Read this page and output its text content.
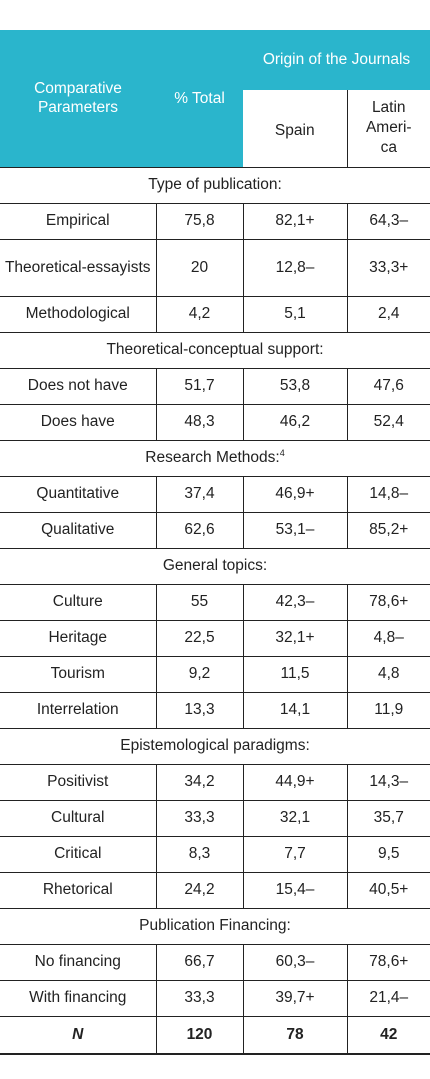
Comparative Parameters	% Total	Origin of the Journals	
		Spain	Latin
Ameri-
ca
Type of publication:			
Empirical	75,8	82,1+	64,3–
Theoretical-essayists	20	12,8–	33,3+
Methodological	4,2	5,1	2,4
Theoretical-conceptual support:			
Does not have	51,7	53,8	47,6
Does have	48,3	46,2	52,4
Research Methods:$^4$
Quantitative	37,4	46,9+	14,8–
Qualitative	62,6	53,1–	85,2+
General topics:			
Culture	55	42,3–	78,6+
Heritage	22,5	32,1+	4,8–
Tourism	9,2	11,5	4,8
Interrelation	13,3	14,1	11,9
Epistemological paradigms:			
Positivist	34,2	44,9+	14,3–
Cultural	33,3	32,1	35,7
Critical	8,3	7,7	9,5
Rhetorical	24,2	15,4–	40,5+
Publication Financing:			
No financing	66,7	60,3–	78,6+
With financing	33,3	39,7+	21,4–
N	120	78	42
